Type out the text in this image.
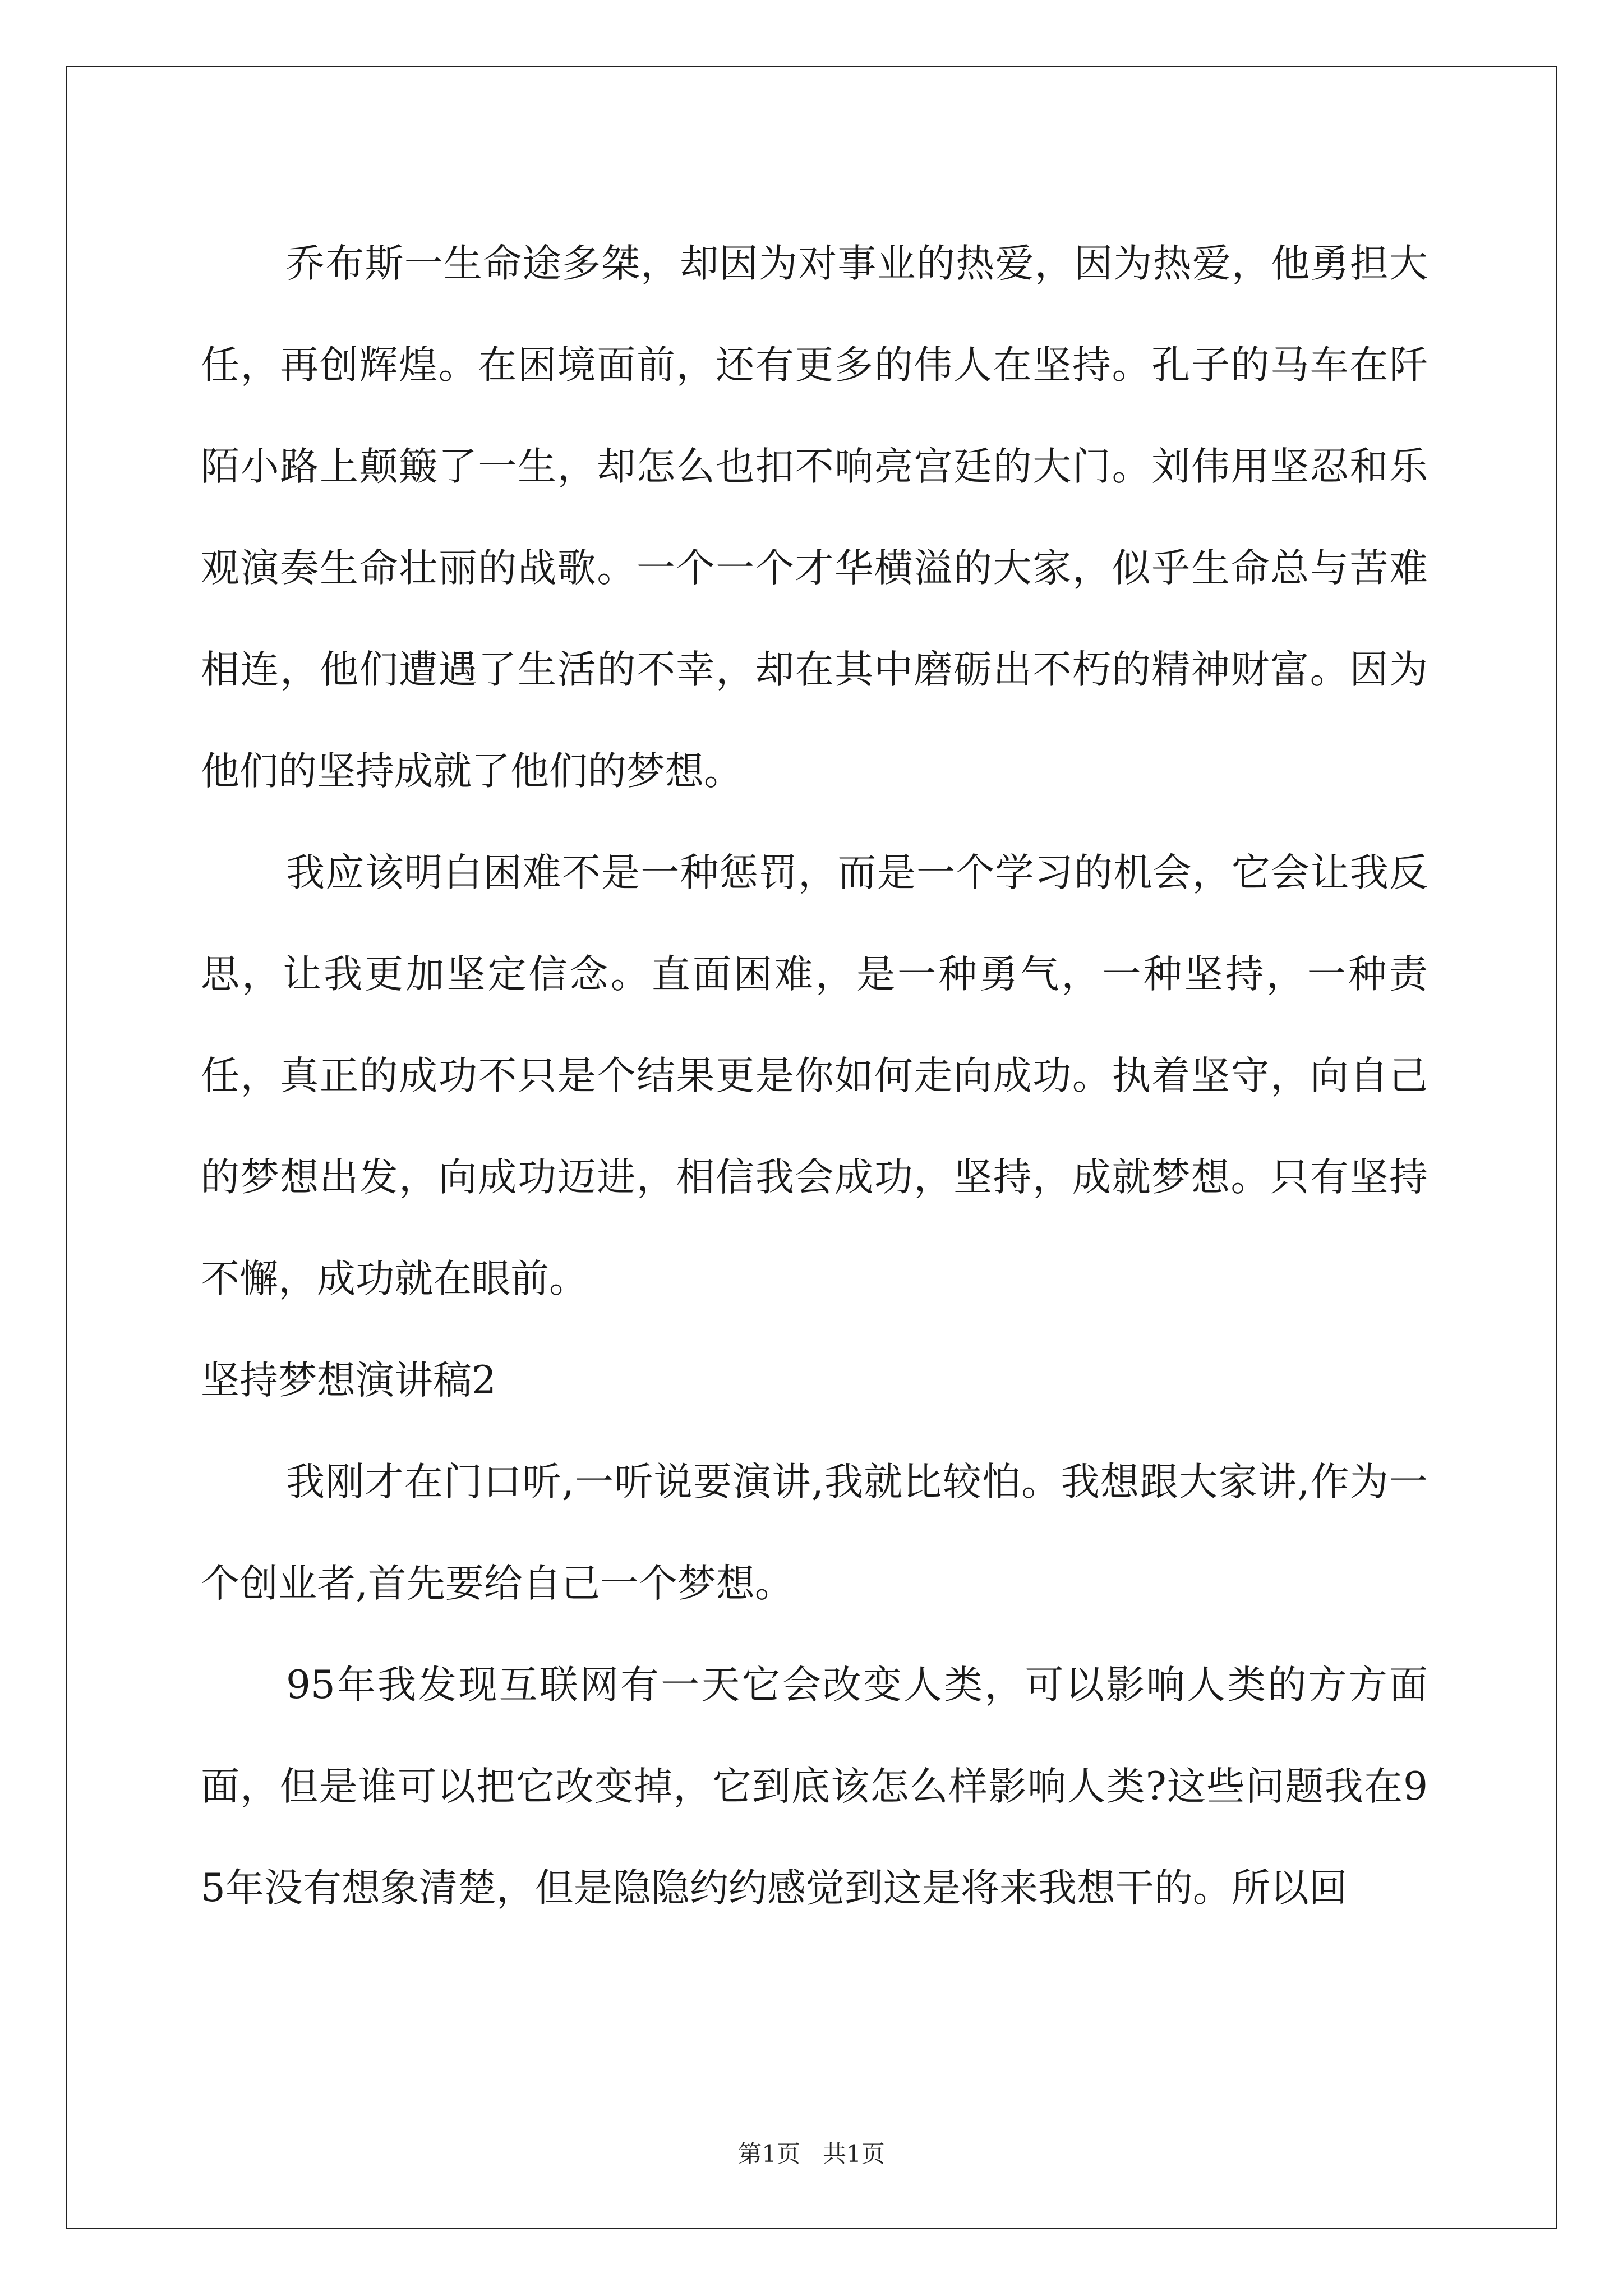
乔布斯一生命途多桀，却因为对事业的热爱，因为热爱，他勇担大任，再创辉煌。在困境面前，还有更多的伟人在坚持。孔子的马车在阡陌小路上颠簸了一生，却怎么也扣不响亮宫廷的大门。刘伟用坚忍和乐观演奏生命壮丽的战歌。一个一个才华横溢的大家，似乎生命总与苦难相连，他们遭遇了生活的不幸，却在其中磨砺出不朽的精神财富。因为他们的坚持成就了他们的梦想。

我应该明白困难不是一种惩罚，而是一个学习的机会，它会让我反思，让我更加坚定信念。直面困难，是一种勇气，一种坚持，一种责任，真正的成功不只是个结果更是你如何走向成功。执着坚守，向自己的梦想出发，向成功迈进，相信我会成功，坚持，成就梦想。只有坚持不懈，成功就在眼前。

坚持梦想演讲稿2

我刚才在门口听,一听说要演讲,我就比较怕。我想跟大家讲,作为一个创业者,首先要给自己一个梦想。

95年我发现互联网有一天它会改变人类，可以影响人类的方方面面，但是谁可以把它改变掉，它到底该怎么样影响人类?这些问题我在95年没有想象清楚，但是隐隐约约感觉到这是将来我想干的。所以回

第1页 共1页
